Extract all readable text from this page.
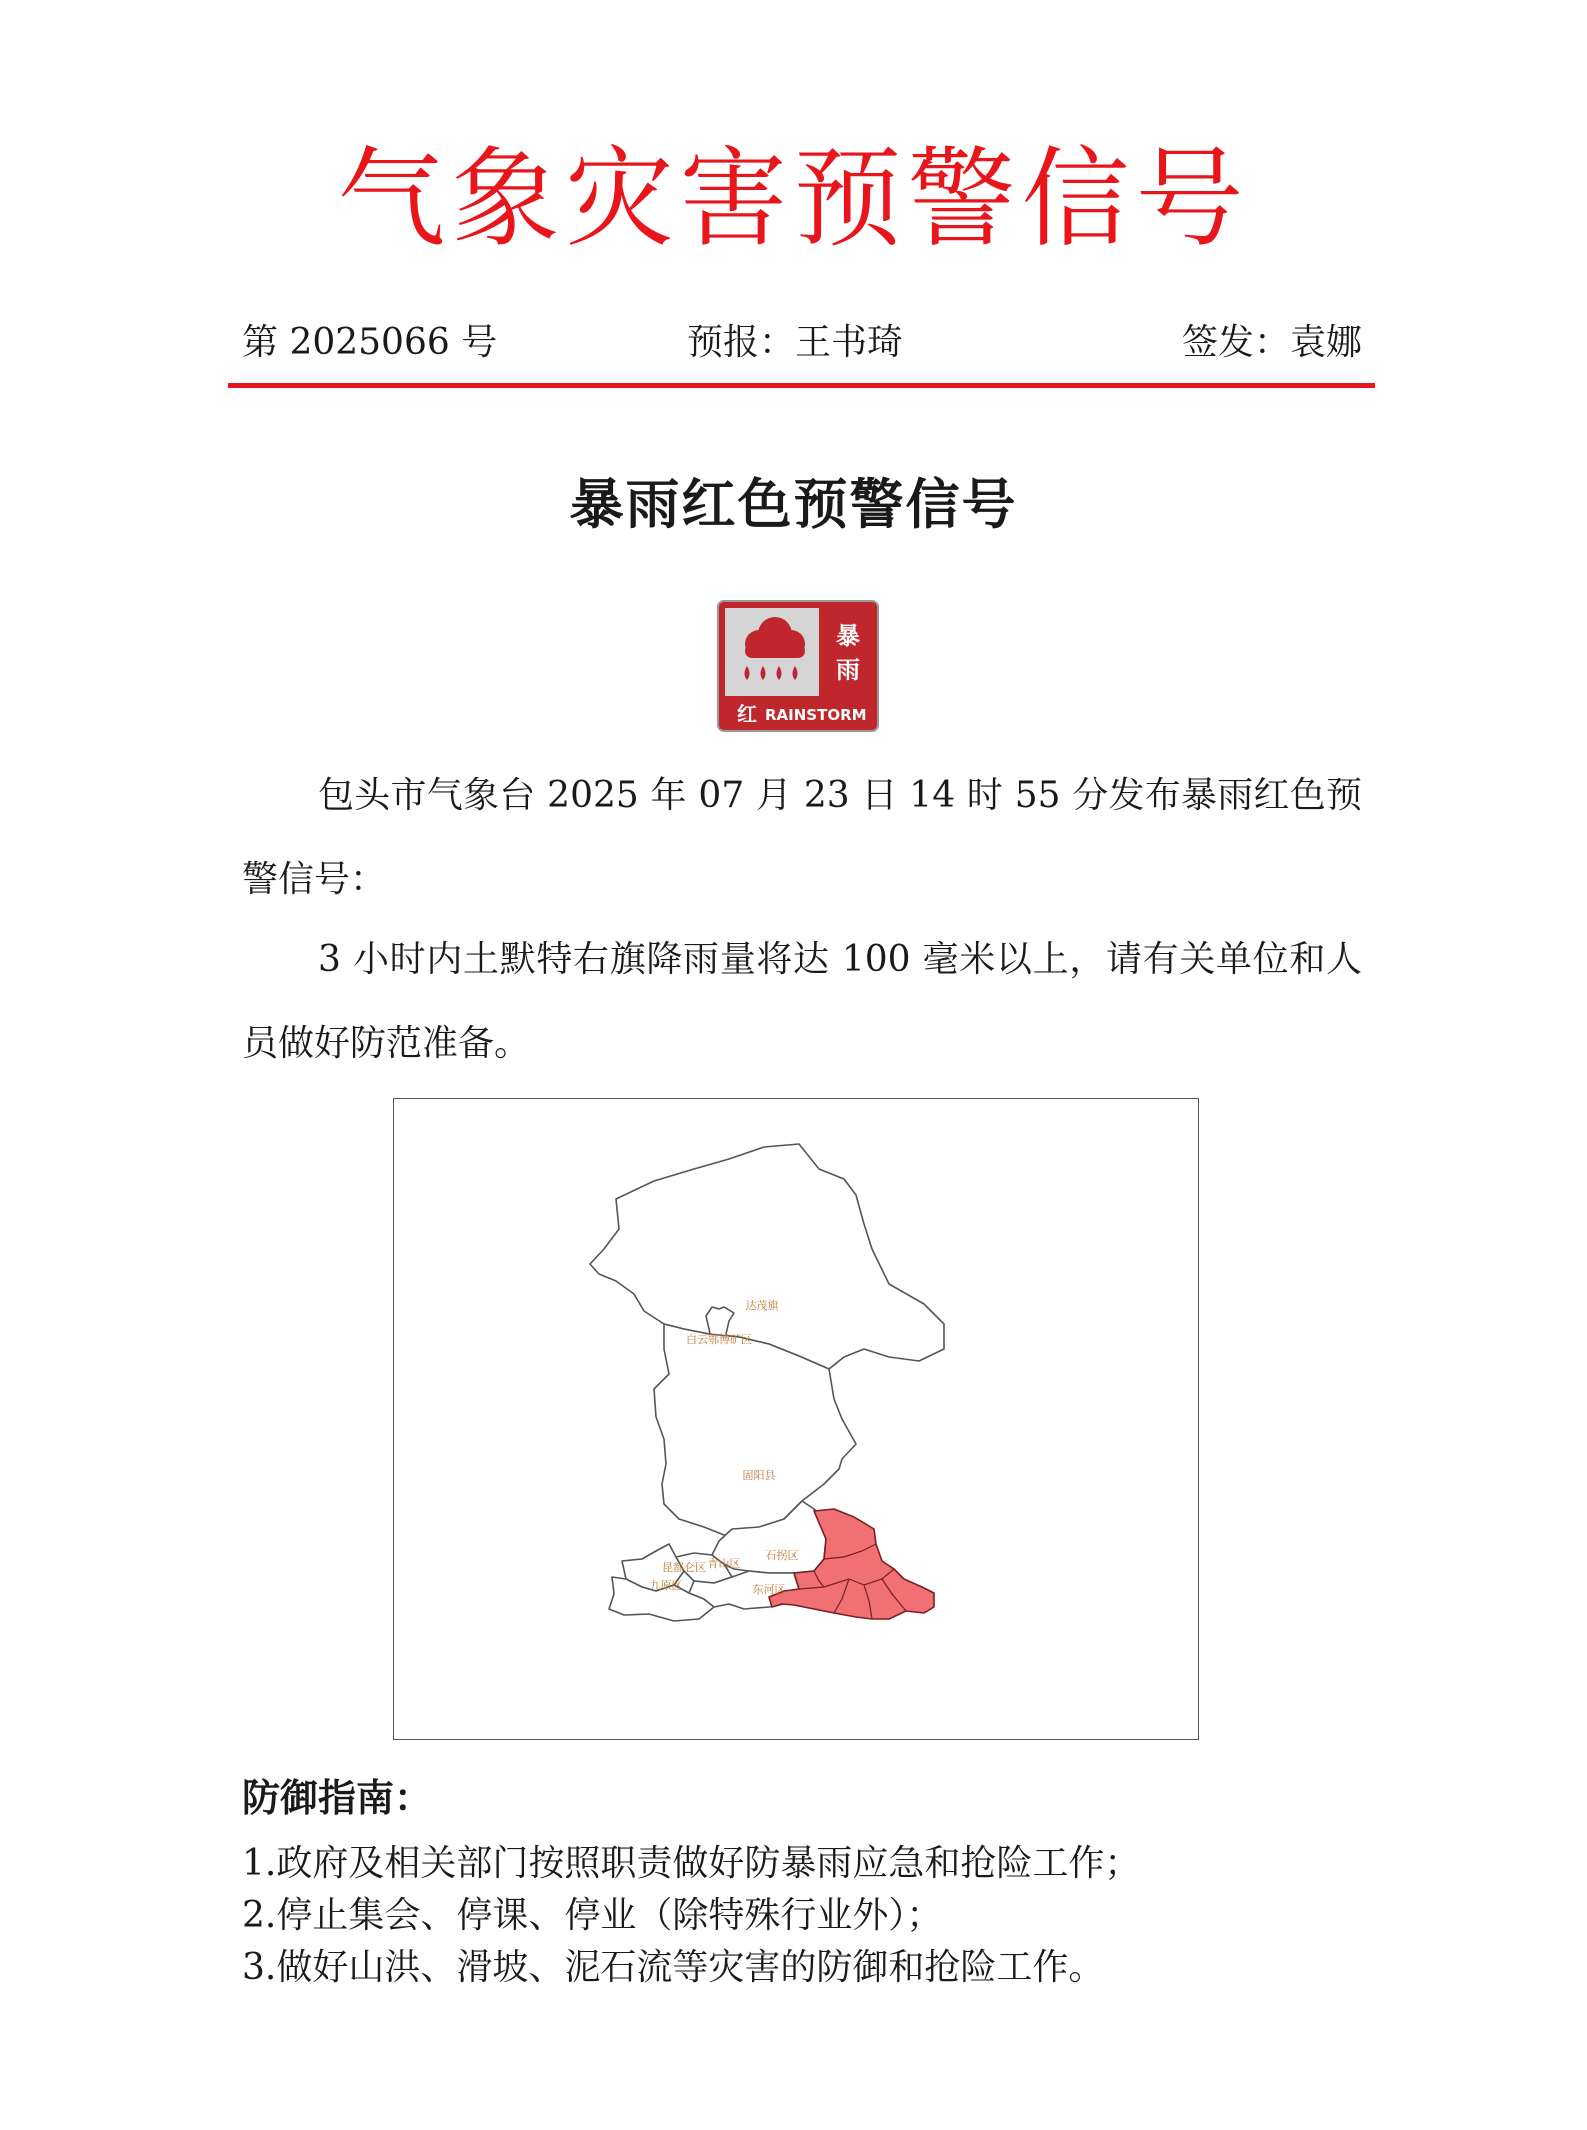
气象灾害预警信号
第 2025066 号	预报：王书琦	签发：袁娜
暴雨红色预警信号
暴
雨
红 RAINSTORM

包头市气象台 2025 年 07 月 23 日 14 时 55 分发布暴雨红色预警信号：

3 小时内土默特右旗降雨量将达 100 毫米以上，请有关单位和人员做好防范准备。

达茂旗
白云鄂博矿区
固阳县
石拐区
青山区
昆都仑区
九原区	东河区
防御指南：
1.政府及相关部门按照职责做好防暴雨应急和抢险工作；
2.停止集会、停课、停业（除特殊行业外）；
3.做好山洪、滑坡、泥石流等灾害的防御和抢险工作。
